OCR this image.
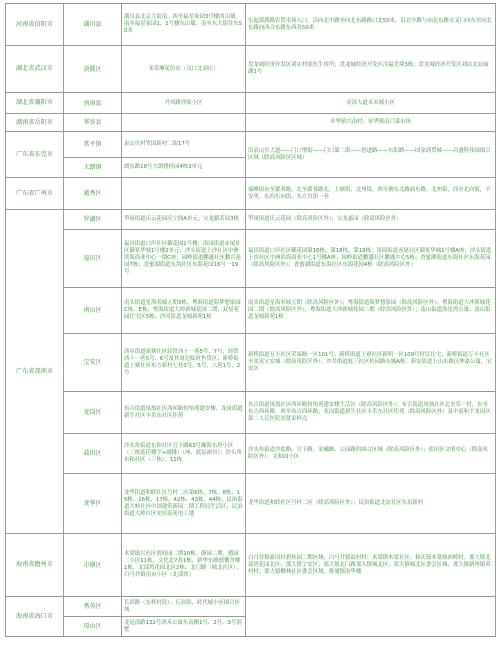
河南省信阳市	潢川县	潢川县北京大街南，西至福星家园3号楼西山墙，南至福星家园1、2号楼东山墙，南至东大街往东50米	东起郭湖路农贸市场入口，沿向北中路至向北东路路口北50米，沿北中路与向北东路交叉口向东至向北东路向西合东路东西各50米
湖北省武汉市	黄陂区	米蒂摩花纷店（汉口北刘店）	盘龙城经济开发区刘店村张医生诊所；盘龙城经济开发区汉福美境3栋；盘龙城经济开发区刘店北辰丽湖1号
湖北省襄阳市	南漳县	丹凤路徐家小区	金漳大道末末城小区
湖南省岳阳市	华容县		章华镇兴南村；章华镇南门菜市场
广东省东莞市	常平镇	袁山贝村竹园新村二街17号	沿袁山贝大道——门口增街——门口第二街——思进路——东阳路——国家商贸城——昌盛科技园围合区域（除高风险区区域）
	大朗镇	朗东路18号大朗碧桂园4栋3单元	
广东省广州市	越秀区		瑶峰街东至藿蓉路，北至藿蓉路北、上塘街，北州街，西至塘东北路面东路，北州街，西至北向街，平安里，东西东向街，东方直街一巷
广东省深圳市	罗湖区	笋岗街道庆云花园庆宁阁A单元；宝龙路茗园3栋	笋岗街道庆云花园（除高风险区外）；宝龙嘉园（除高风险区外）
	福田区	福田街道口岸社区御花园1号楼；南园街道赤尾社区御景华城1号楼2单元；沙头街道上沙社区中洲滨海商业中心一期C座；园岭街道鹏盛社区鹏兴花园7栋；香蜜湖街道东海社区东海花园16号一19号	福田街道口岸社区御花园第16栋、第18栋、第19栋；南园街道赤尾社区御景华城1号楼A座；沙头街道上沙社区中洲滨海商业中心1号楼A座；园岭街道鹏盛社区鹏盛中心5栋；香蜜湖街道东海社区东海花园（除高风险区外）；香蜜湖街道东海社区东海花园4栋（除高风险区外）
	南山区	南头街道星海名城五期3栋；粤海街道海梦想家园C栋、E栋；粤海街道大冲新城花园二期；双星花园住宅区5栋；沙河街道龙城新苑1栋	南头街道星海名城五期（除高风险区外）；粤海街道海梦想家园（除高风险区外）；粤海街道大冲新城花园二期（除高风险区外）；粤海街道大冲新城花园二期（除高风险区外）；南山街道海星湾公寓；南山街道龙城新苑1栋
	宝安区	西乡街道流塘社区轻铁西十一巷5号、7号；轻铁西十一巷5号、6号及其周边临时售货区；新桥街道上寮社区东方新村七巷3号，5号，八巷1号、2号	新桥街道万丰社区荣泰路一区101号；新桥街道上寮社区新明一区109号村民住宅；新桥街道万丰社区至金富宝安城（除高风险区外）；沙井街道蚝三社区桂园路东城A栋，新安街道上山东路沃坤嘉公寓，宝安区
	龙岗区	布吉街道凤凰社区西环路何怡苑建安楼，龙岗街道新生社区丰乐东社区佳苑	布吉街道凤凰社区西环路何怡苑建安楼生活区（除高风险区外）；布吉街道凤凰社区北至乐一村，东至布吉西环路，西至布吉西环路；龙岗街道新生社区丰乐东社区佳苑（除高风险区外）及中南和平龙岗区第二人民医院景贤采样点
	盐田区	沙头角街道东和社区官下路63号瀚海东岸小区（三栋基佳楼字+副楼）（座、底层裙房）；沙头角东和社区（三栋），11栋	沙头角街道沙盐路、官下路、金融路、公园路的围合区域（除高风险区外）；盐田区文明中心（除高风险区外）；文和园小区
	龙华区	龙华街道和联社区号村二区第6栋、7栋、8栋、15栋、16栋、17栋、42栋、43栋、44栋；民治街道大岭社区中国建筑新园二期工程局生活区；民治街道大岭社区安居南苑电工地	龙华街道和联社区号村二区（除高风险区外）；民治街道北站社区东泉新村
海南省儋州市	市辖区	木棠镇兴社区碧桂园二期10栋，静园二期，德园二小区11栋，文化北7巷1栋，新华东路德馨舍楼1栋，北部湾花园北区2栋；北门路（城北社区）；白马井镇南市小区（北部湾）	白马井镇新国村碧桂园二期区域；白马井镇福村村；木棠镇木棠社区；和庆镇木棠热西岭村；那大镇北部湾花园北区；那大镇宁安区；那大镇北门路那大镇城北区；那大镇城北区委会区域；那大镇新州镇英村村；那大镇椰林社区委会区域，排浦镇南华楼
海南省海口市	秀英区	长滨路（东桂村段）、长滨街、时代城小区围合区域	
	琼山区	龙昆南路132号鸿禾公寓东南侧1号、2号、3号别墅	
